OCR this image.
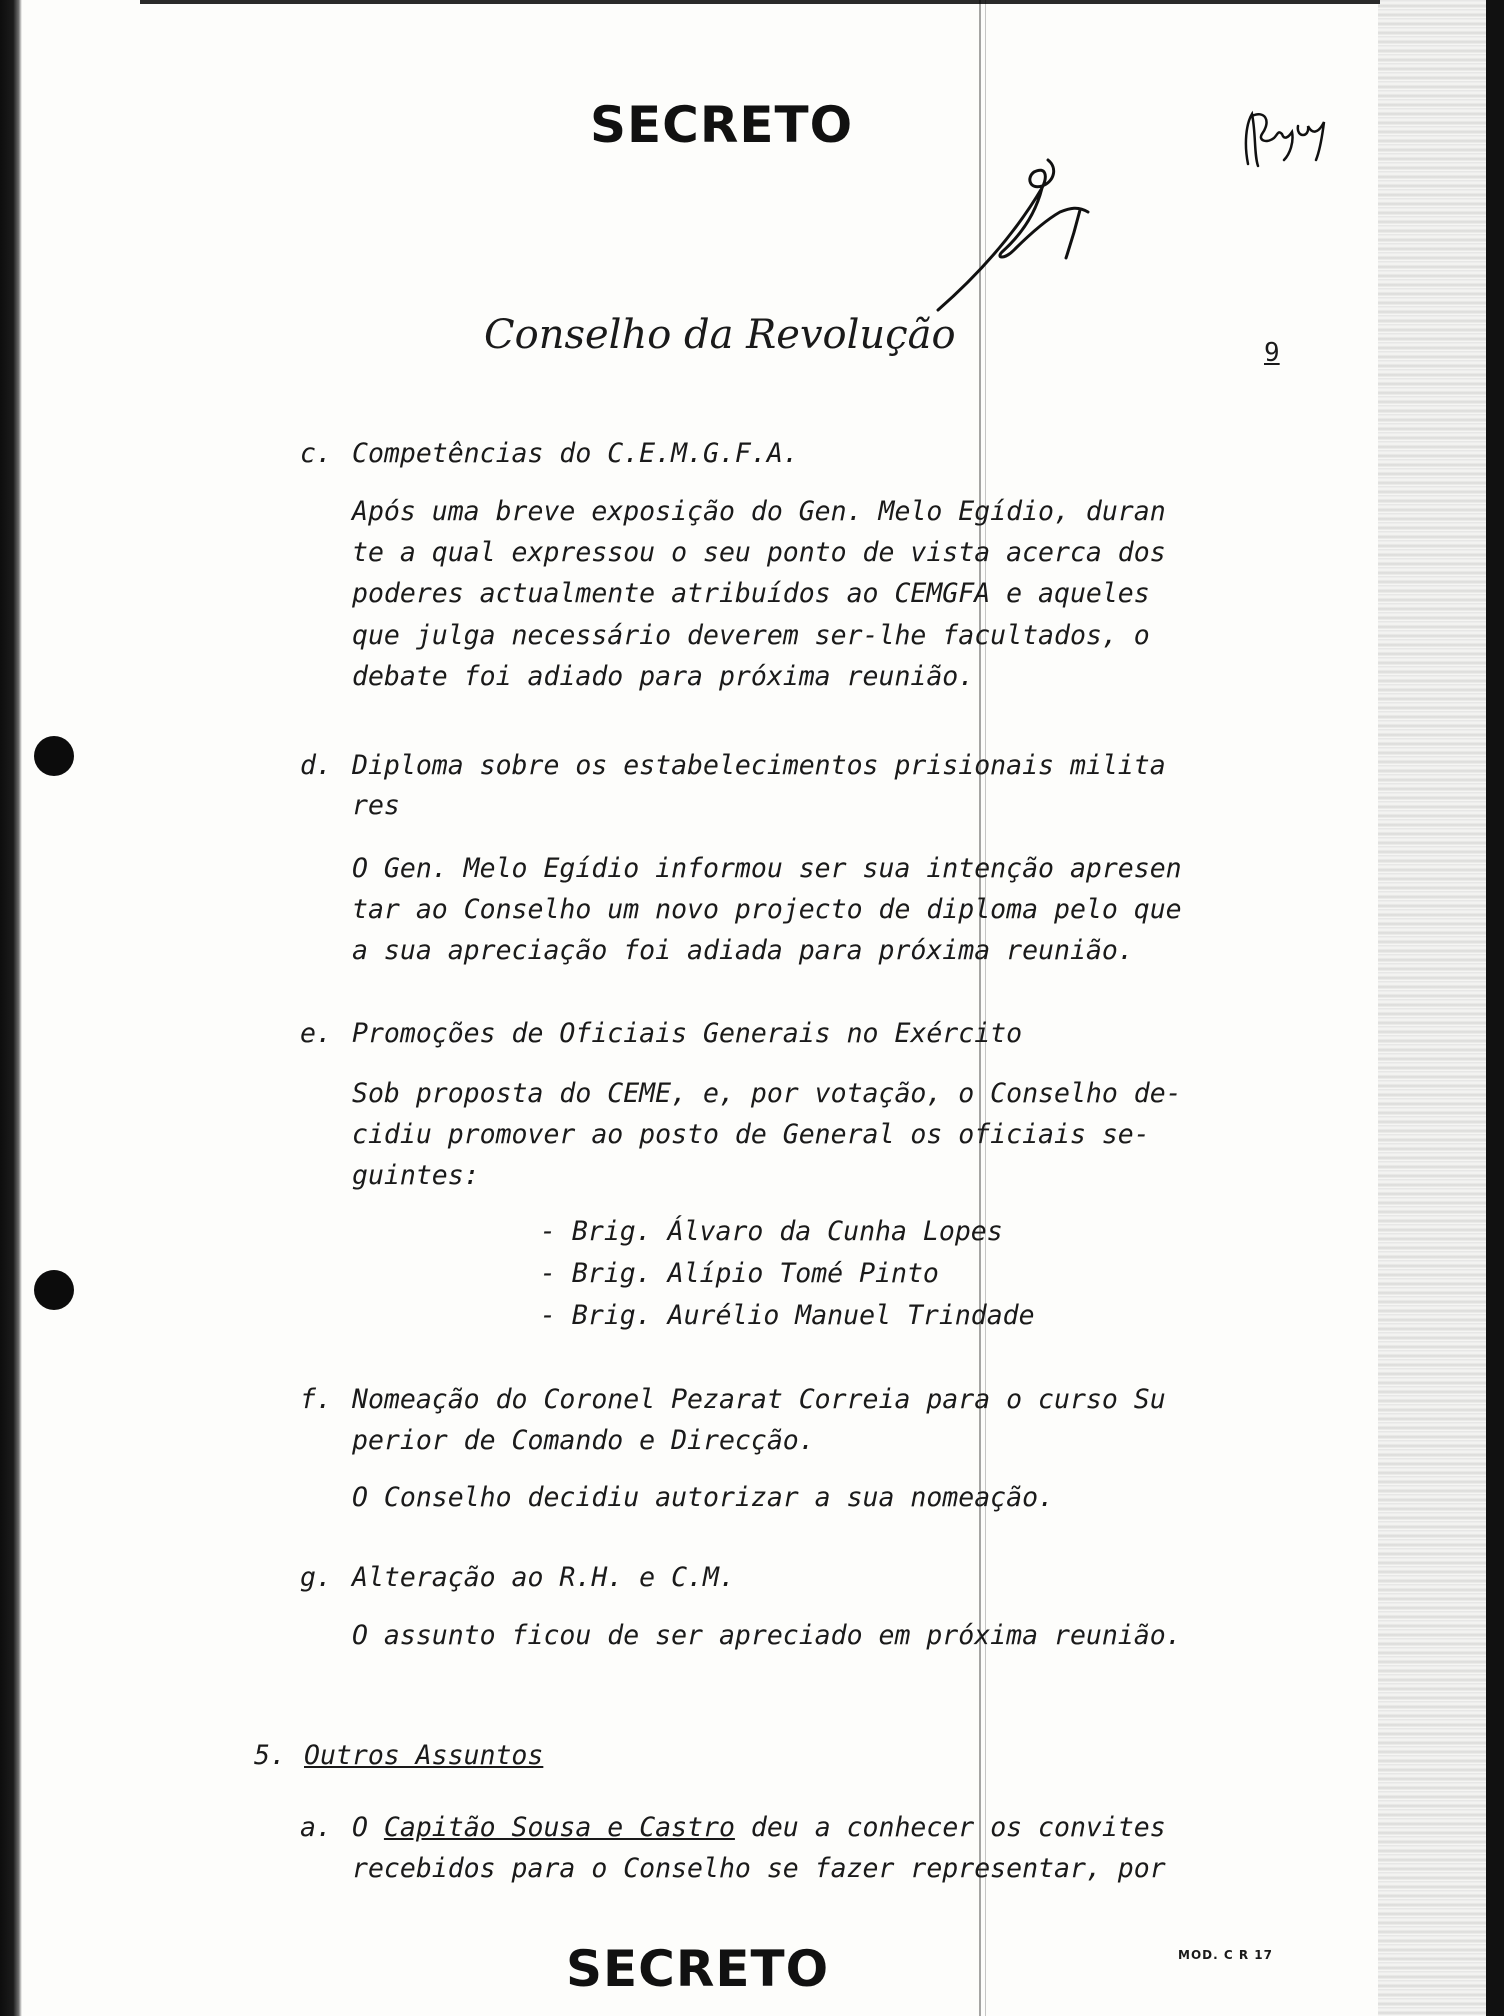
SECRETO
Conselho da Revolução	9
c. Competências do C.E.M.G.F.A.
Após uma breve exposição do Gen. Melo Egídio, duran
te a qual expressou o seu ponto de vista acerca dos
poderes actualmente atribuídos ao CEMGFA e aqueles
que julga necessário deverem ser-lhe facultados, o
debate foi adiado para próxima reunião.
d. Diploma sobre os estabelecimentos prisionais milita
res
O Gen. Melo Egídio informou ser sua intenção apresen
tar ao Conselho um novo projecto de diploma pelo que
a sua apreciação foi adiada para próxima reunião.
e. Promoções de Oficiais Generais no Exército
Sob proposta do CEME, e, por votação, o Conselho de-
cidiu promover ao posto de General os oficiais se-
guintes:
- Brig. Álvaro da Cunha Lopes
- Brig. Alípio Tomé Pinto
- Brig. Aurélio Manuel Trindade
f. Nomeação do Coronel Pezarat Correia para o curso Su
perior de Comando e Direcção.
O Conselho decidiu autorizar a sua nomeação.
g. Alteração ao R.H. e C.M.
O assunto ficou de ser apreciado em próxima reunião.
5. Outros Assuntos
a. O Capitão Sousa e Castro deu a conhecer os convites
recebidos para o Conselho se fazer representar, por
SECRETO	MOD. C R 17
